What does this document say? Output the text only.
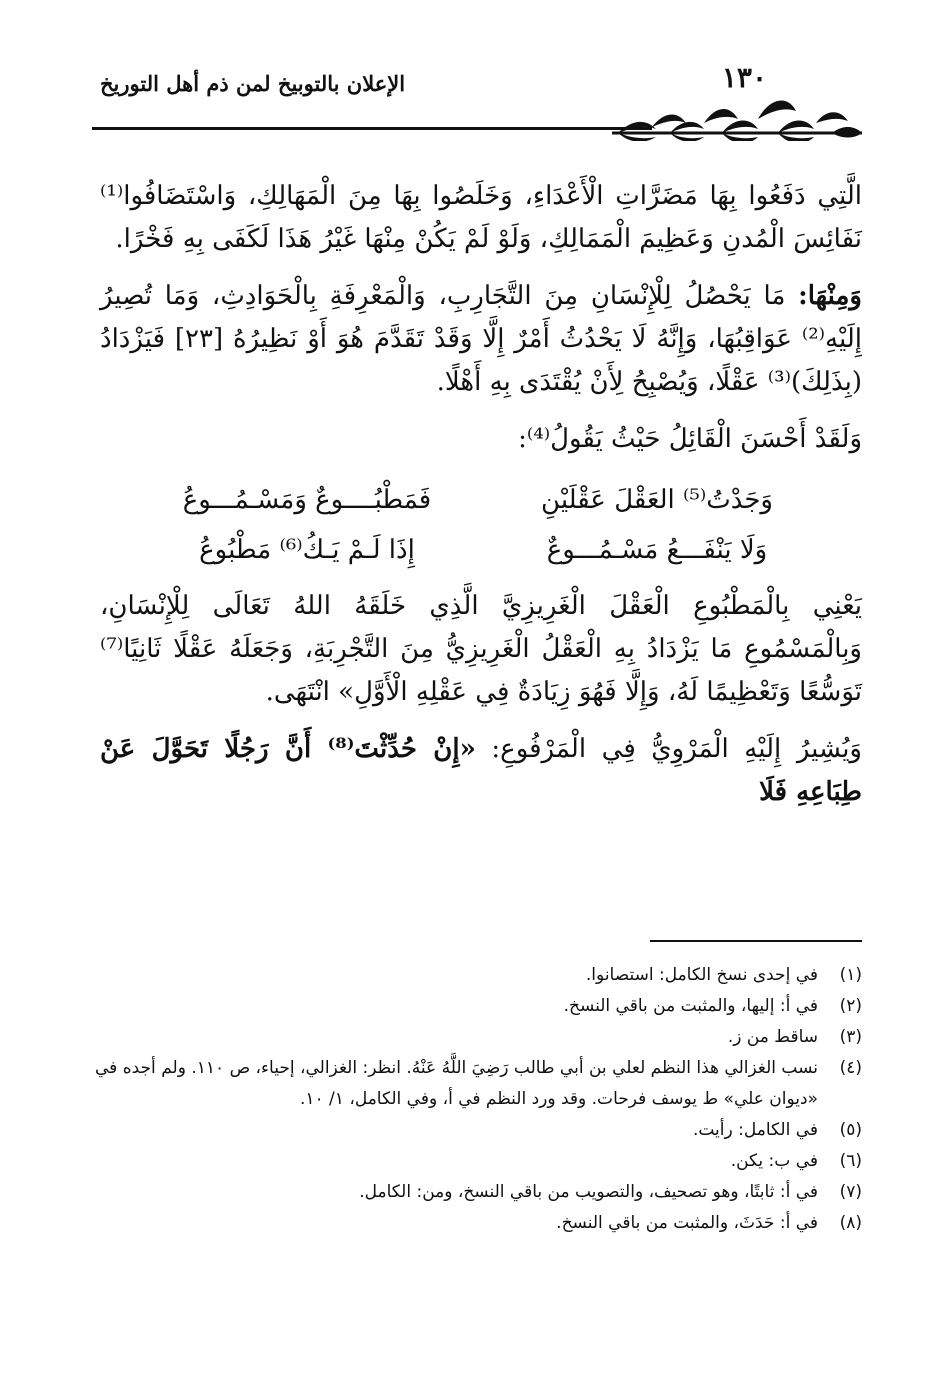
١٣٠
الإعلان بالتوبيخ لمن ذم أهل التوريخ

الَّتِي دَفَعُوا بِهَا مَضَرَّاتِ الْأَعْدَاءِ، وَخَلَصُوا بِهَا مِنَ الْمَهَالِكِ، وَاسْتَضَافُوا⁽¹⁾ نَفَائِسَ الْمُدنِ وَعَظِيمَ الْمَمَالِكِ، وَلَوْ لَمْ يَكُنْ مِنْهَا غَيْرُ هَذَا لَكَفَى بِهِ فَخْرًا.

وَمِنْهَا: مَا يَحْصُلُ لِلْإِنْسَانِ مِنَ التَّجَارِبِ، وَالْمَعْرِفَةِ بِالْحَوَادِثِ، وَمَا تُصِيرُ إِلَيْهِ⁽²⁾ عَوَاقِبُهَا، وَإِنَّهُ لَا يَحْدُثُ أَمْرٌ إِلَّا وَقَدْ تَقَدَّمَ هُوَ أَوْ نَظِيرُهُ [٢٣] فَيَزْدَادُ (بِذَلِكَ)⁽³⁾ عَقْلًا، وَيُصْبِحُ لِأَنْ يُقْتَدَى بِهِ أَهْلًا.

وَلَقَدْ أَحْسَنَ الْقَائِلُ حَيْثُ يَقُولُ⁽⁴⁾:

وَجَدْتُ⁽⁵⁾ العَقْلَ عَقْلَيْنِ
فَمَطْبُــــوعٌ وَمَسْـمُـــوعُ
وَلَا يَنْفَـــعُ مَسْـمُـــوعٌ
إِذَا لَـمْ يَـكُ⁽⁶⁾ مَطْبُوعُ

يَعْنِي بِالْمَطْبُوعِ الْعَقْلَ الْغَرِيزِيَّ الَّذِي خَلَقَهُ اللهُ تَعَالَى لِلْإِنْسَانِ، وَبِالْمَسْمُوعِ مَا يَزْدَادُ بِهِ الْعَقْلُ الْغَرِيزِيُّ مِنَ التَّجْرِبَةِ، وَجَعَلَهُ عَقْلًا ثَانِيًا⁽⁷⁾ تَوَسُّعًا وَتَعْظِيمًا لَهُ، وَإِلَّا فَهُوَ زِيَادَةٌ فِي عَقْلِهِ الْأَوَّلِ» انْتَهَى.

وَيُشِيرُ إِلَيْهِ الْمَرْوِيُّ فِي الْمَرْفُوعِ: «إِنْ حُدِّثْتَ⁽⁸⁾ أَنَّ رَجُلًا تَحَوَّلَ عَنْ طِبَاعِهِ فَلَا

(١)
في إحدى نسخ الكامل: استصانوا.
(٢)
في أ: إليها، والمثبت من باقي النسخ.
(٣)
ساقط من ز.
(٤)
نسب الغزالي هذا النظم لعلي بن أبي طالب رَضِيَ اللَّهُ عَنْهُ. انظر: الغزالي، إحياء، ص ١١٠. ولم أجده في «ديوان علي» ط يوسف فرحات. وقد ورد النظم في أ، وفي الكامل، ١/ ١٠.
(٥)
في الكامل: رأيت.
(٦)
في ب: يكن.
(٧)
في أ: ثابتًا، وهو تصحيف، والتصويب من باقي النسخ، ومن: الكامل.
(٨)
في أ: حَدَثَ، والمثبت من باقي النسخ.
